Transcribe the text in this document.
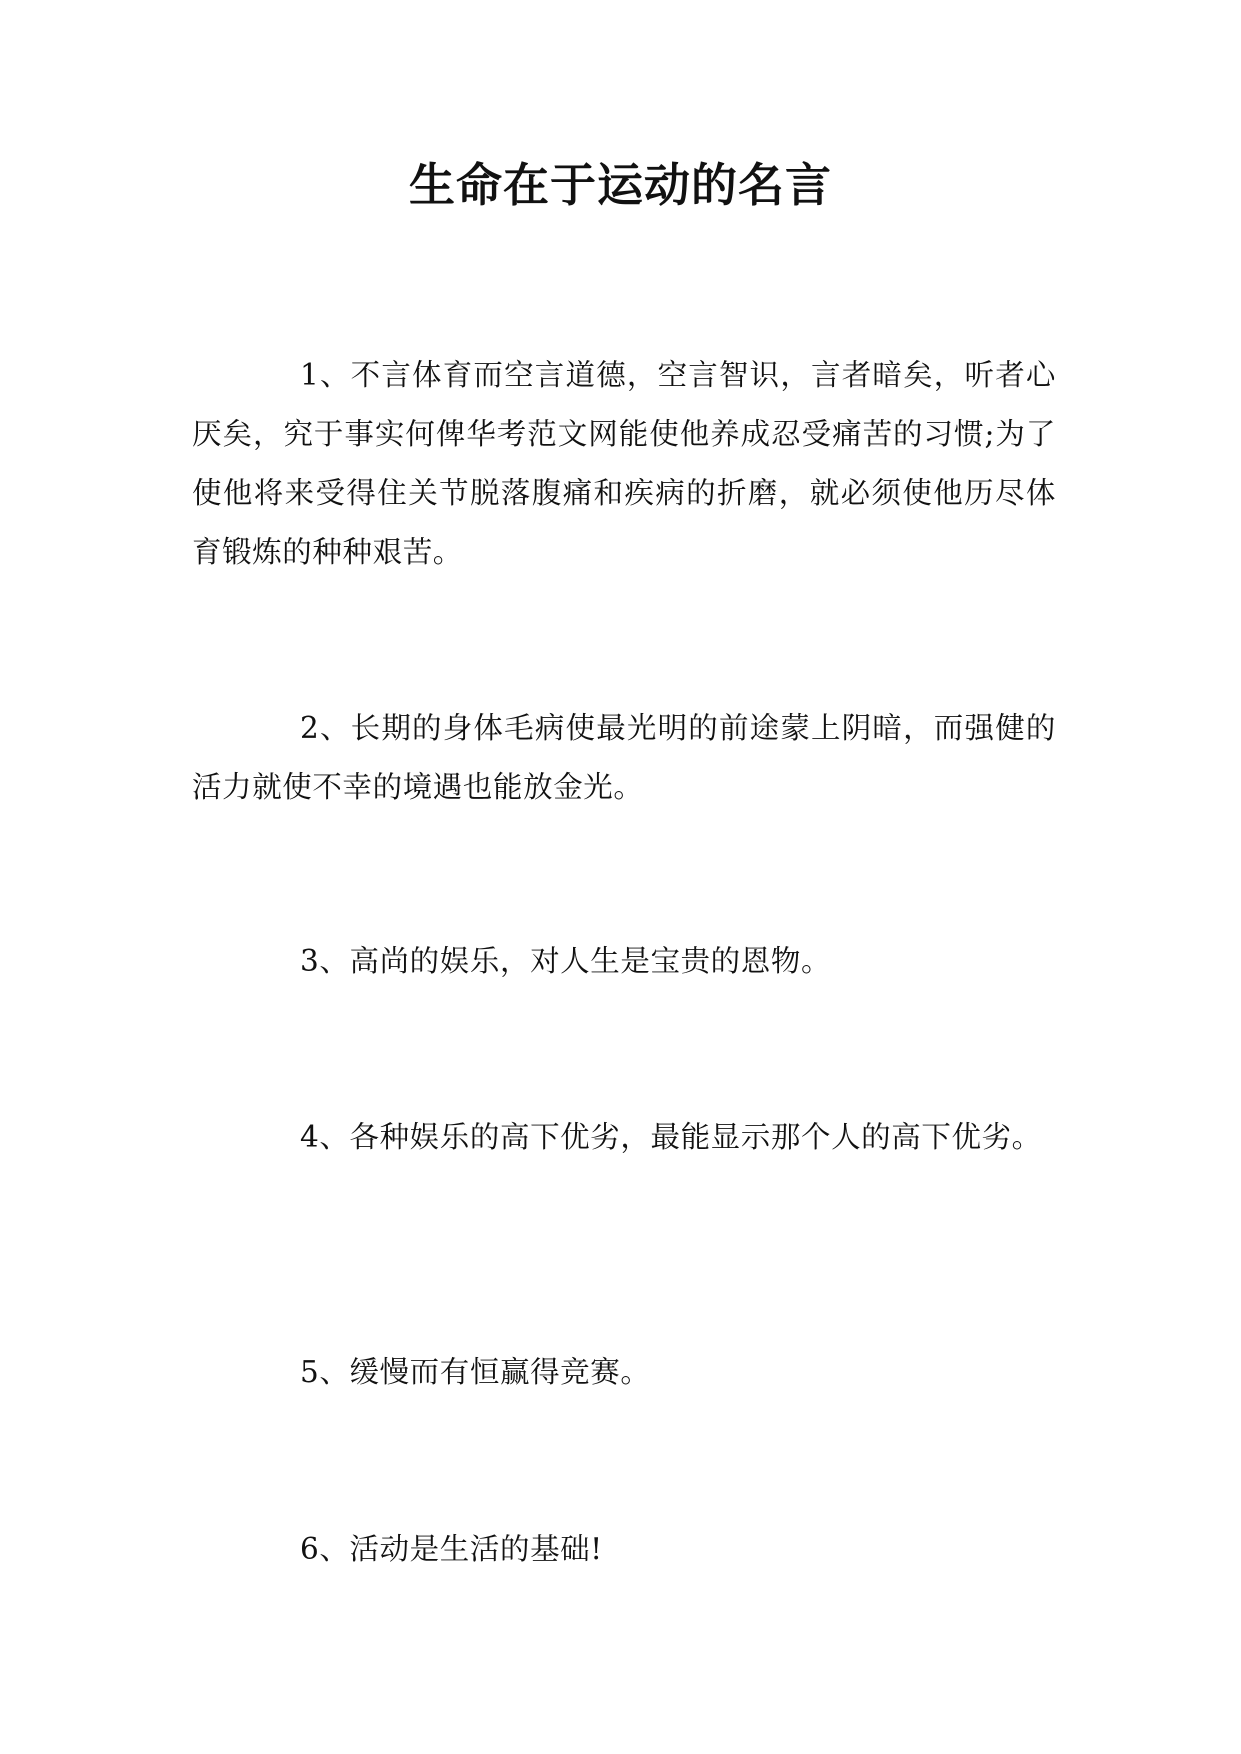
生命在于运动的名言

1、不言体育而空言道德，空言智识，言者暗矣，听者心厌矣，究于事实何俾华考范文网能使他养成忍受痛苦的习惯;为了使他将来受得住关节脱落腹痛和疾病的折磨，就必须使他历尽体育锻炼的种种艰苦。

2、长期的身体毛病使最光明的前途蒙上阴暗，而强健的活力就使不幸的境遇也能放金光。

3、高尚的娱乐，对人生是宝贵的恩物。

4、各种娱乐的高下优劣，最能显示那个人的高下优劣。

5、缓慢而有恒赢得竞赛。

6、活动是生活的基础!
